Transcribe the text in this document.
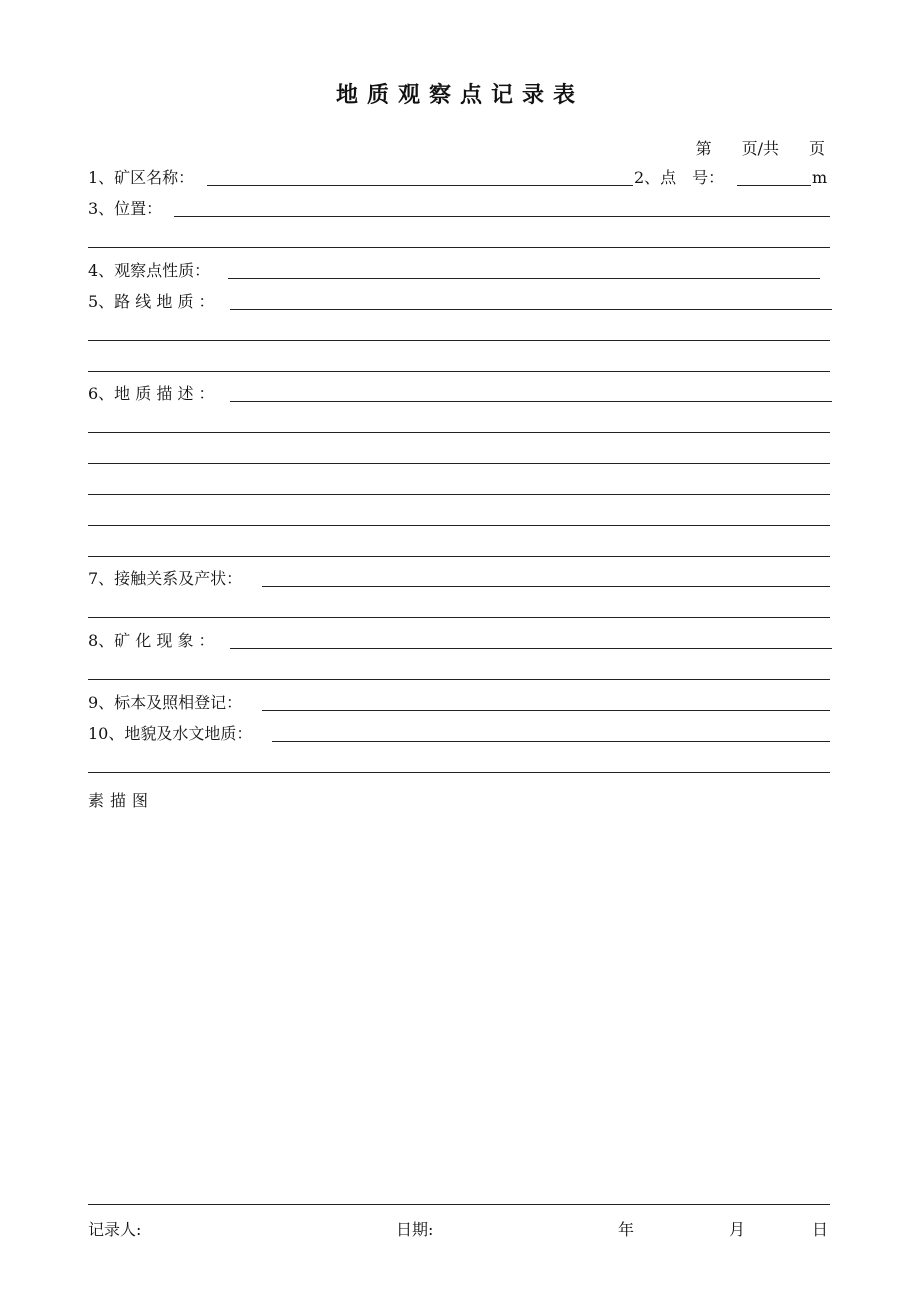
地质观察点记录表
第 页/共 页
1、矿区名称：	2、点　号：	m
3、位置：
4、观察点性质：
5、路 线 地 质 ：
6、地 质 描 述 ：
7、接触关系及产状：
8、矿 化 现 象 ：
9、标本及照相登记：
10、地貌及水文地质：
素描图
记录人:	日期:	年	月	日
